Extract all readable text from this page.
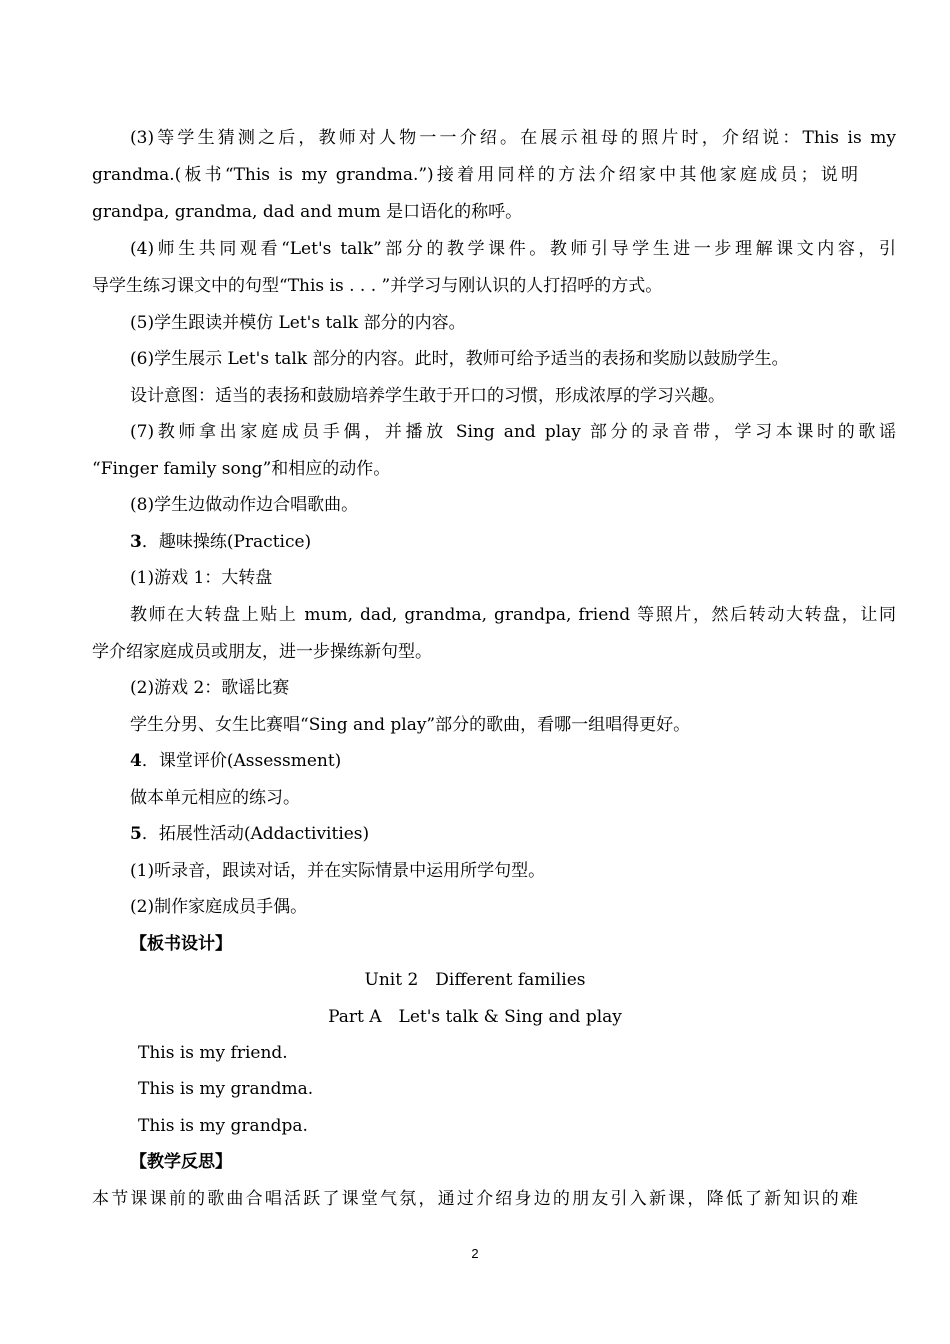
(3)等学生猜测之后，教师对人物一一介绍。在展示祖母的照片时，介绍说：This is my
grandma.(板书“This is my grandma.”)接着用同样的方法介绍家中其他家庭成员；说明
grandpa, grandma, dad and mum 是口语化的称呼。
(4)师生共同观看“Let's talk”部分的教学课件。教师引导学生进一步理解课文内容，引
导学生练习课文中的句型“This is . . . ”并学习与刚认识的人打招呼的方式。
(5)学生跟读并模仿 Let's talk 部分的内容。
(6)学生展示 Let's talk 部分的内容。此时，教师可给予适当的表扬和奖励以鼓励学生。
设计意图：适当的表扬和鼓励培养学生敢于开口的习惯，形成浓厚的学习兴趣。
(7)教师拿出家庭成员手偶，并播放 Sing and play 部分的录音带，学习本课时的歌谣
“Finger family song”和相应的动作。
(8)学生边做动作边合唱歌曲。
3．趣味操练(Practice)
(1)游戏 1：大转盘
教师在大转盘上贴上 mum, dad, grandma, grandpa, friend 等照片，然后转动大转盘，让同
学介绍家庭成员或朋友，进一步操练新句型。
(2)游戏 2：歌谣比赛
学生分男、女生比赛唱“Sing and play”部分的歌曲，看哪一组唱得更好。
4．课堂评价(Assessment)
做本单元相应的练习。
5．拓展性活动(Addactivities)
(1)听录音，跟读对话，并在实际情景中运用所学句型。
(2)制作家庭成员手偶。
【板书设计】
Unit 2　Different families
Part A　Let's talk & Sing and play
This is my friend.
This is my grandma.
This is my grandpa.
【教学反思】
本节课课前的歌曲合唱活跃了课堂气氛，通过介绍身边的朋友引入新课，降低了新知识的难
2
